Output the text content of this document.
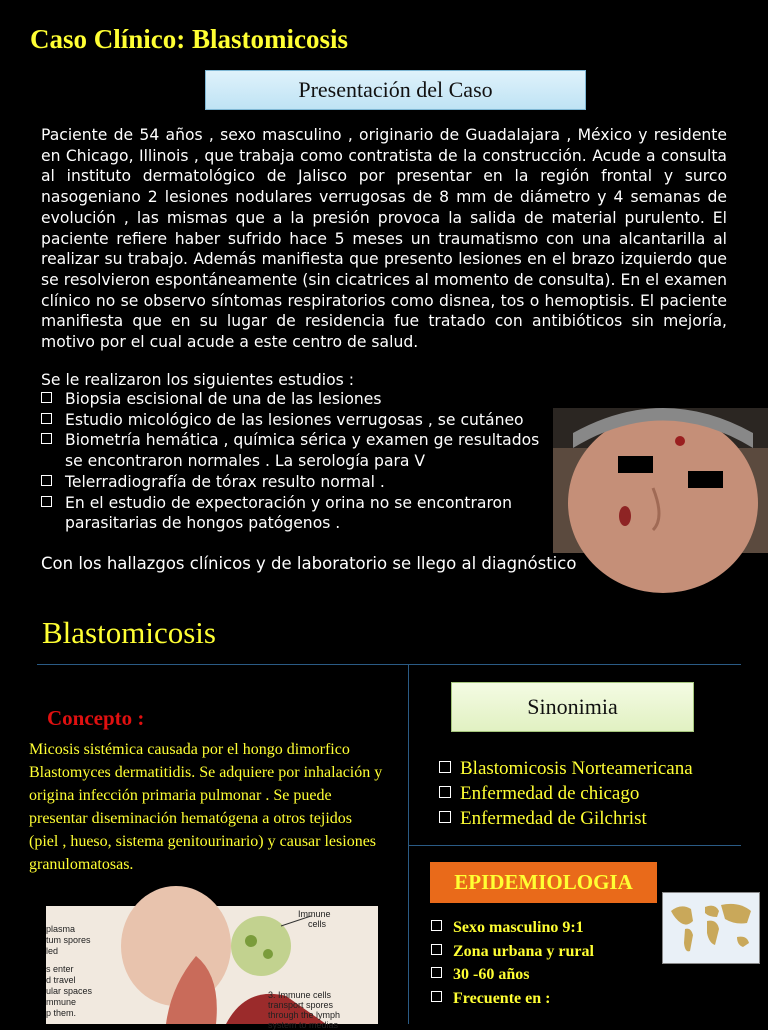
Caso Clínico: Blastomicosis
Presentación del Caso

Paciente de 54 años , sexo masculino , originario de Guadalajara , México y residente en Chicago, Illinois , que trabaja como contratista de la construcción. Acude a consulta al instituto dermatológico de Jalisco por presentar en la región frontal y surco nasogeniano 2 lesiones nodulares verrugosas de 8 mm de diámetro y 4 semanas de evolución , las mismas que a la presión provoca la salida de material purulento. El paciente refiere haber sufrido hace 5 meses un traumatismo con una alcantarilla al realizar su trabajo. Además manifiesta que presento lesiones en el brazo izquierdo que se resolvieron espontáneamente (sin cicatrices al momento de consulta). En el examen clínico no se observo síntomas respiratorios como disnea, tos o hemoptisis. El paciente manifiesta que en su lugar de residencia fue tratado con antibióticos sin mejoría, motivo por el cual acude a este centro de salud.

Se le realizaron los siguientes estudios :
Biopsia escisional de una de las lesiones
Estudio micológico de las lesiones verrugosas , se cutáneo
Biometría hemática , química sérica y examen ge resultados se encontraron normales . La serología para V
Telerradiografía de tórax resulto normal .
En el estudio de expectoración y orina no se encontraron parasitarias de hongos patógenos .
Con los hallazgos clínicos y de laboratorio se llego al diagnóstico
Blastomicosis
Concepto :
Micosis sistémica causada por el hongo dimorfico Blastomyces dermatitidis. Se adquiere por inhalación y origina infección primaria pulmonar . Se puede presentar diseminación hematógena a otros tejidos (piel , hueso, sistema genitourinario) y causar lesiones granulomatosas.
Sinonimia
Blastomicosis Norteamericana
Enfermedad de chicago
Enfermedad de Gilchrist
EPIDEMIOLOGIA
Sexo masculino 9:1
Zona urbana y rural
30 -60 años
Frecuente en :
plasma
tum spores
led
s enter
d travel
ular spaces
mmune
p them.
Immune
cells
3. Immune cells
transport spores
through the lymph
system to medias
